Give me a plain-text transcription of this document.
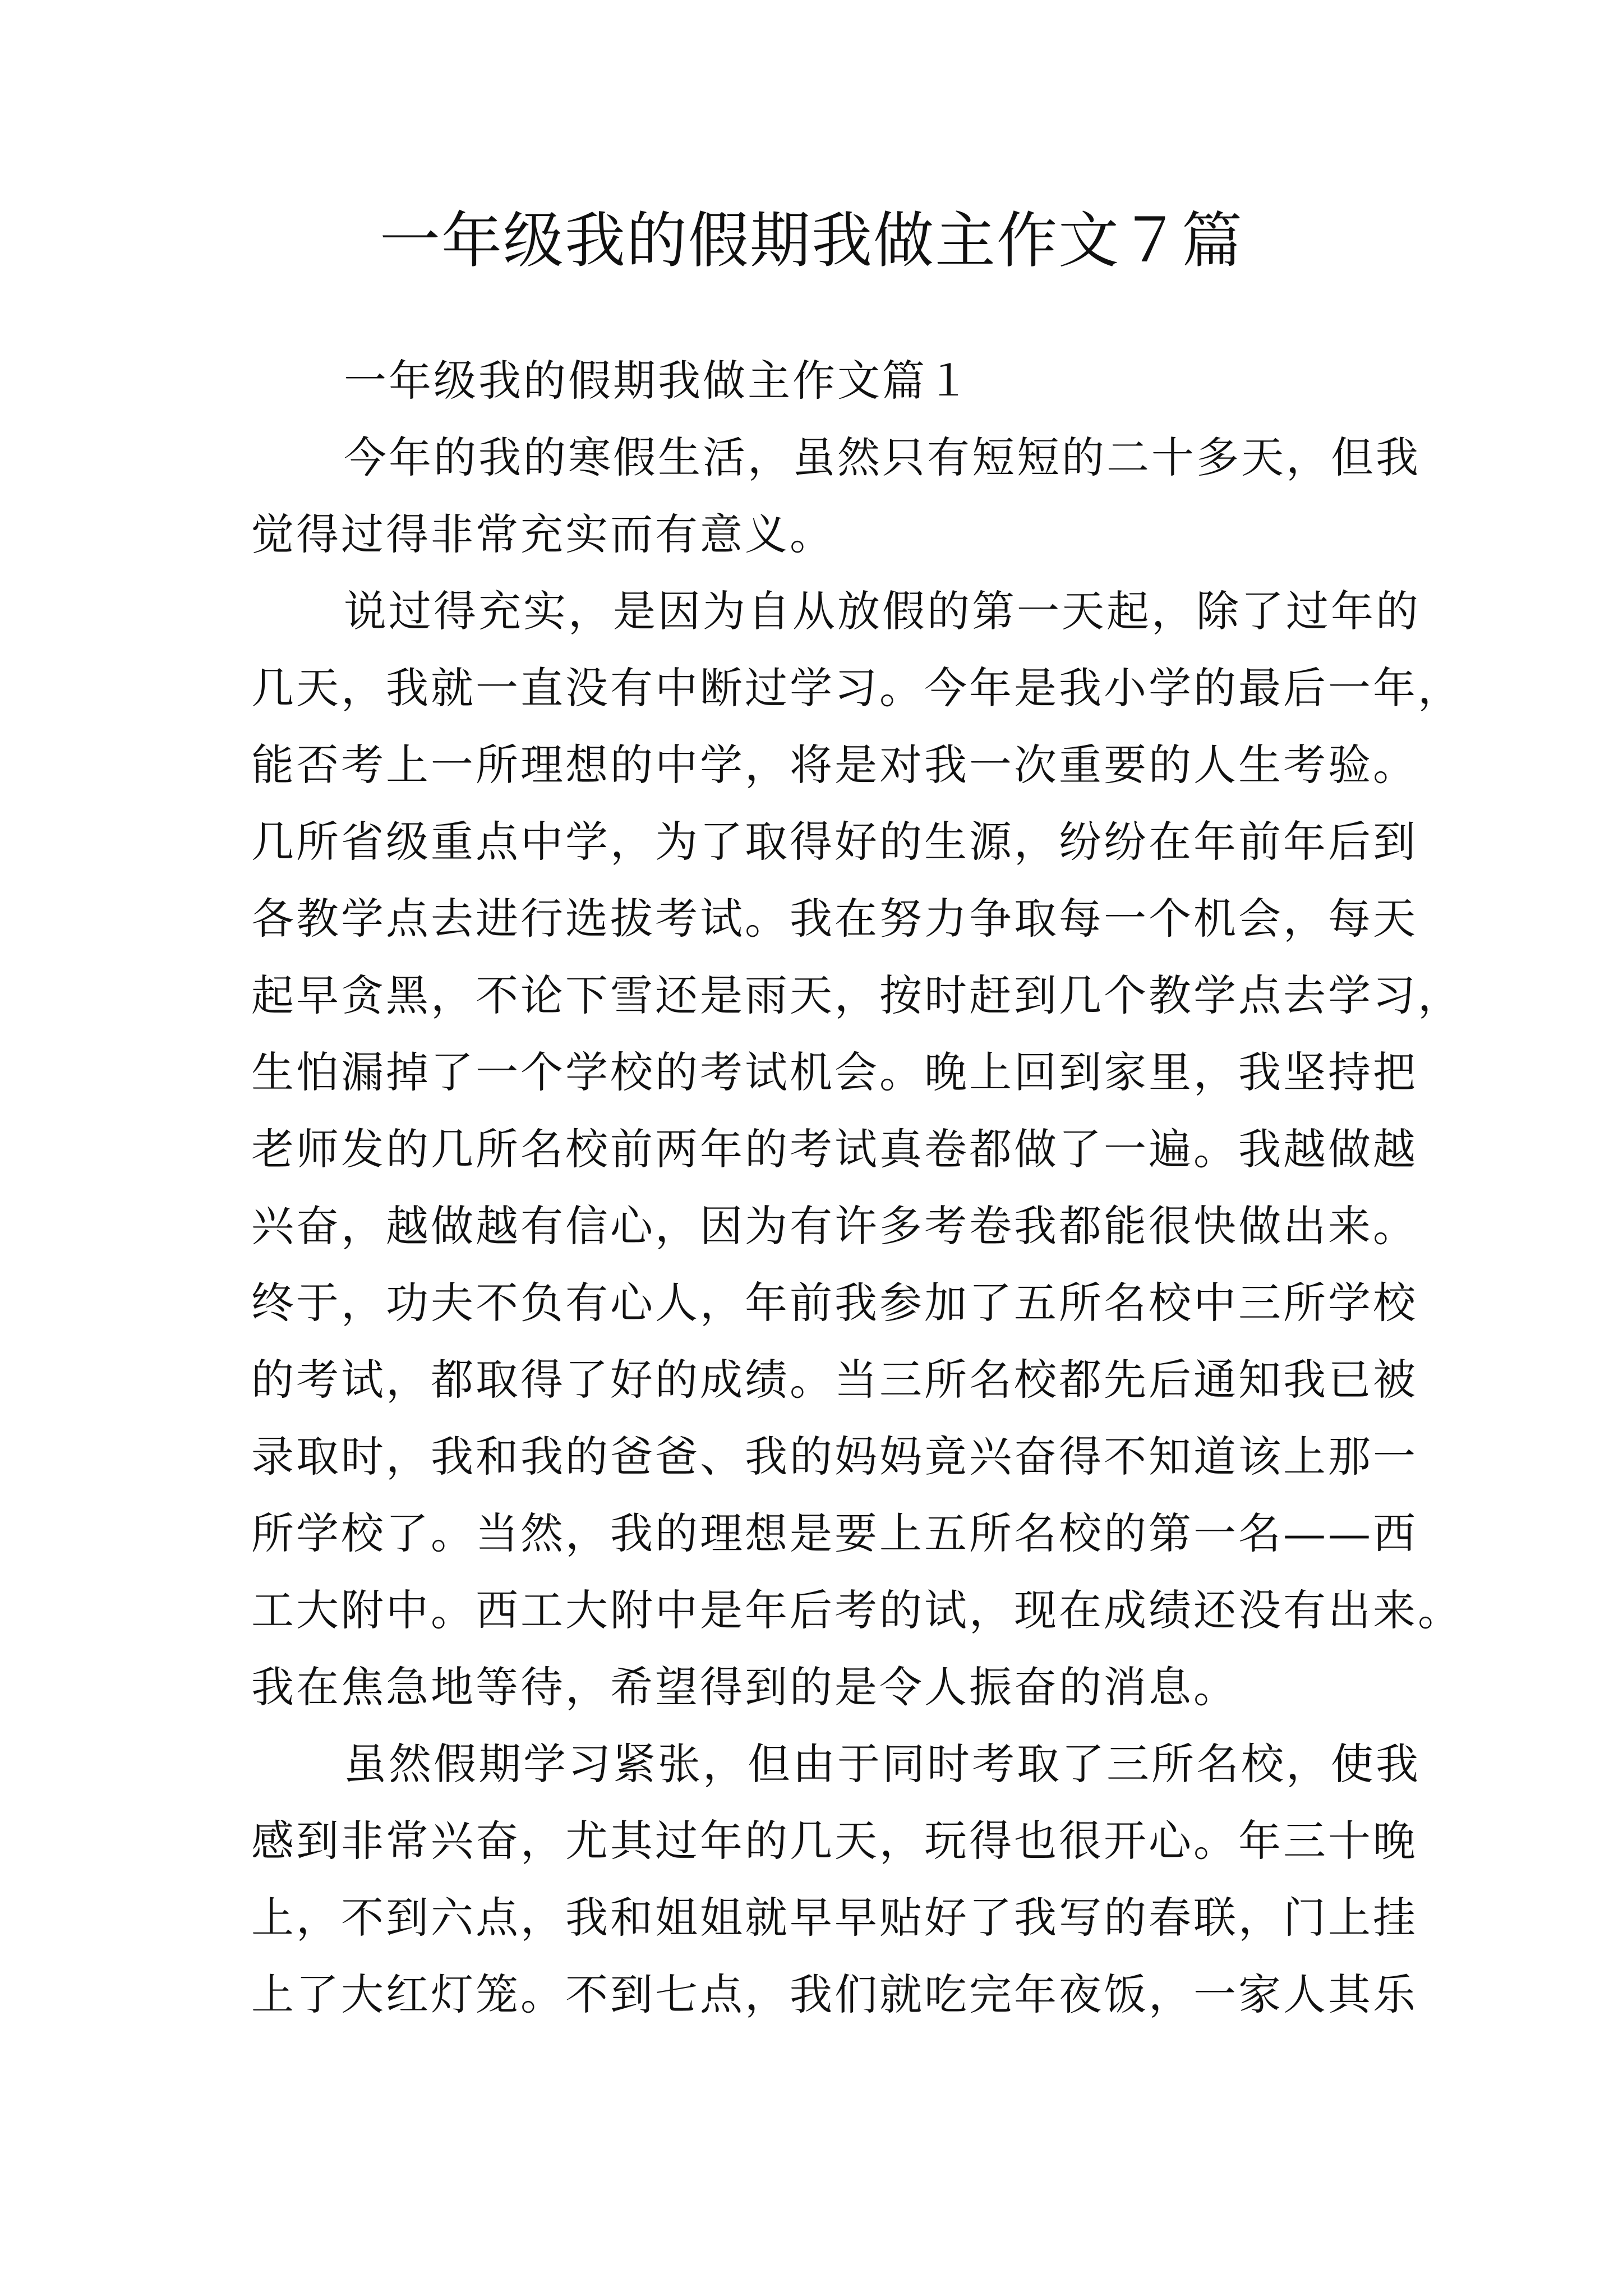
一年级我的假期我做主作文７篇

一年级我的假期我做主作文篇１

今年的我的寒假生活，虽然只有短短的二十多天，但我
觉得过得非常充实而有意义。

说过得充实，是因为自从放假的第一天起，除了过年的
几天，我就一直没有中断过学习。今年是我小学的最后一年，
能否考上一所理想的中学，将是对我一次重要的人生考验。
几所省级重点中学，为了取得好的生源，纷纷在年前年后到
各教学点去进行选拔考试。我在努力争取每一个机会，每天
起早贪黑，不论下雪还是雨天，按时赶到几个教学点去学习，
生怕漏掉了一个学校的考试机会。晚上回到家里，我坚持把
老师发的几所名校前两年的考试真卷都做了一遍。我越做越
兴奋，越做越有信心，因为有许多考卷我都能很快做出来。
终于，功夫不负有心人，年前我参加了五所名校中三所学校
的考试，都取得了好的成绩。当三所名校都先后通知我已被
录取时，我和我的爸爸、我的妈妈竟兴奋得不知道该上那一
所学校了。当然，我的理想是要上五所名校的第一名——西
工大附中。西工大附中是年后考的试，现在成绩还没有出来。
我在焦急地等待，希望得到的是令人振奋的消息。

虽然假期学习紧张，但由于同时考取了三所名校，使我
感到非常兴奋，尤其过年的几天，玩得也很开心。年三十晚
上，不到六点，我和姐姐就早早贴好了我写的春联，门上挂
上了大红灯笼。不到七点，我们就吃完年夜饭，一家人其乐
